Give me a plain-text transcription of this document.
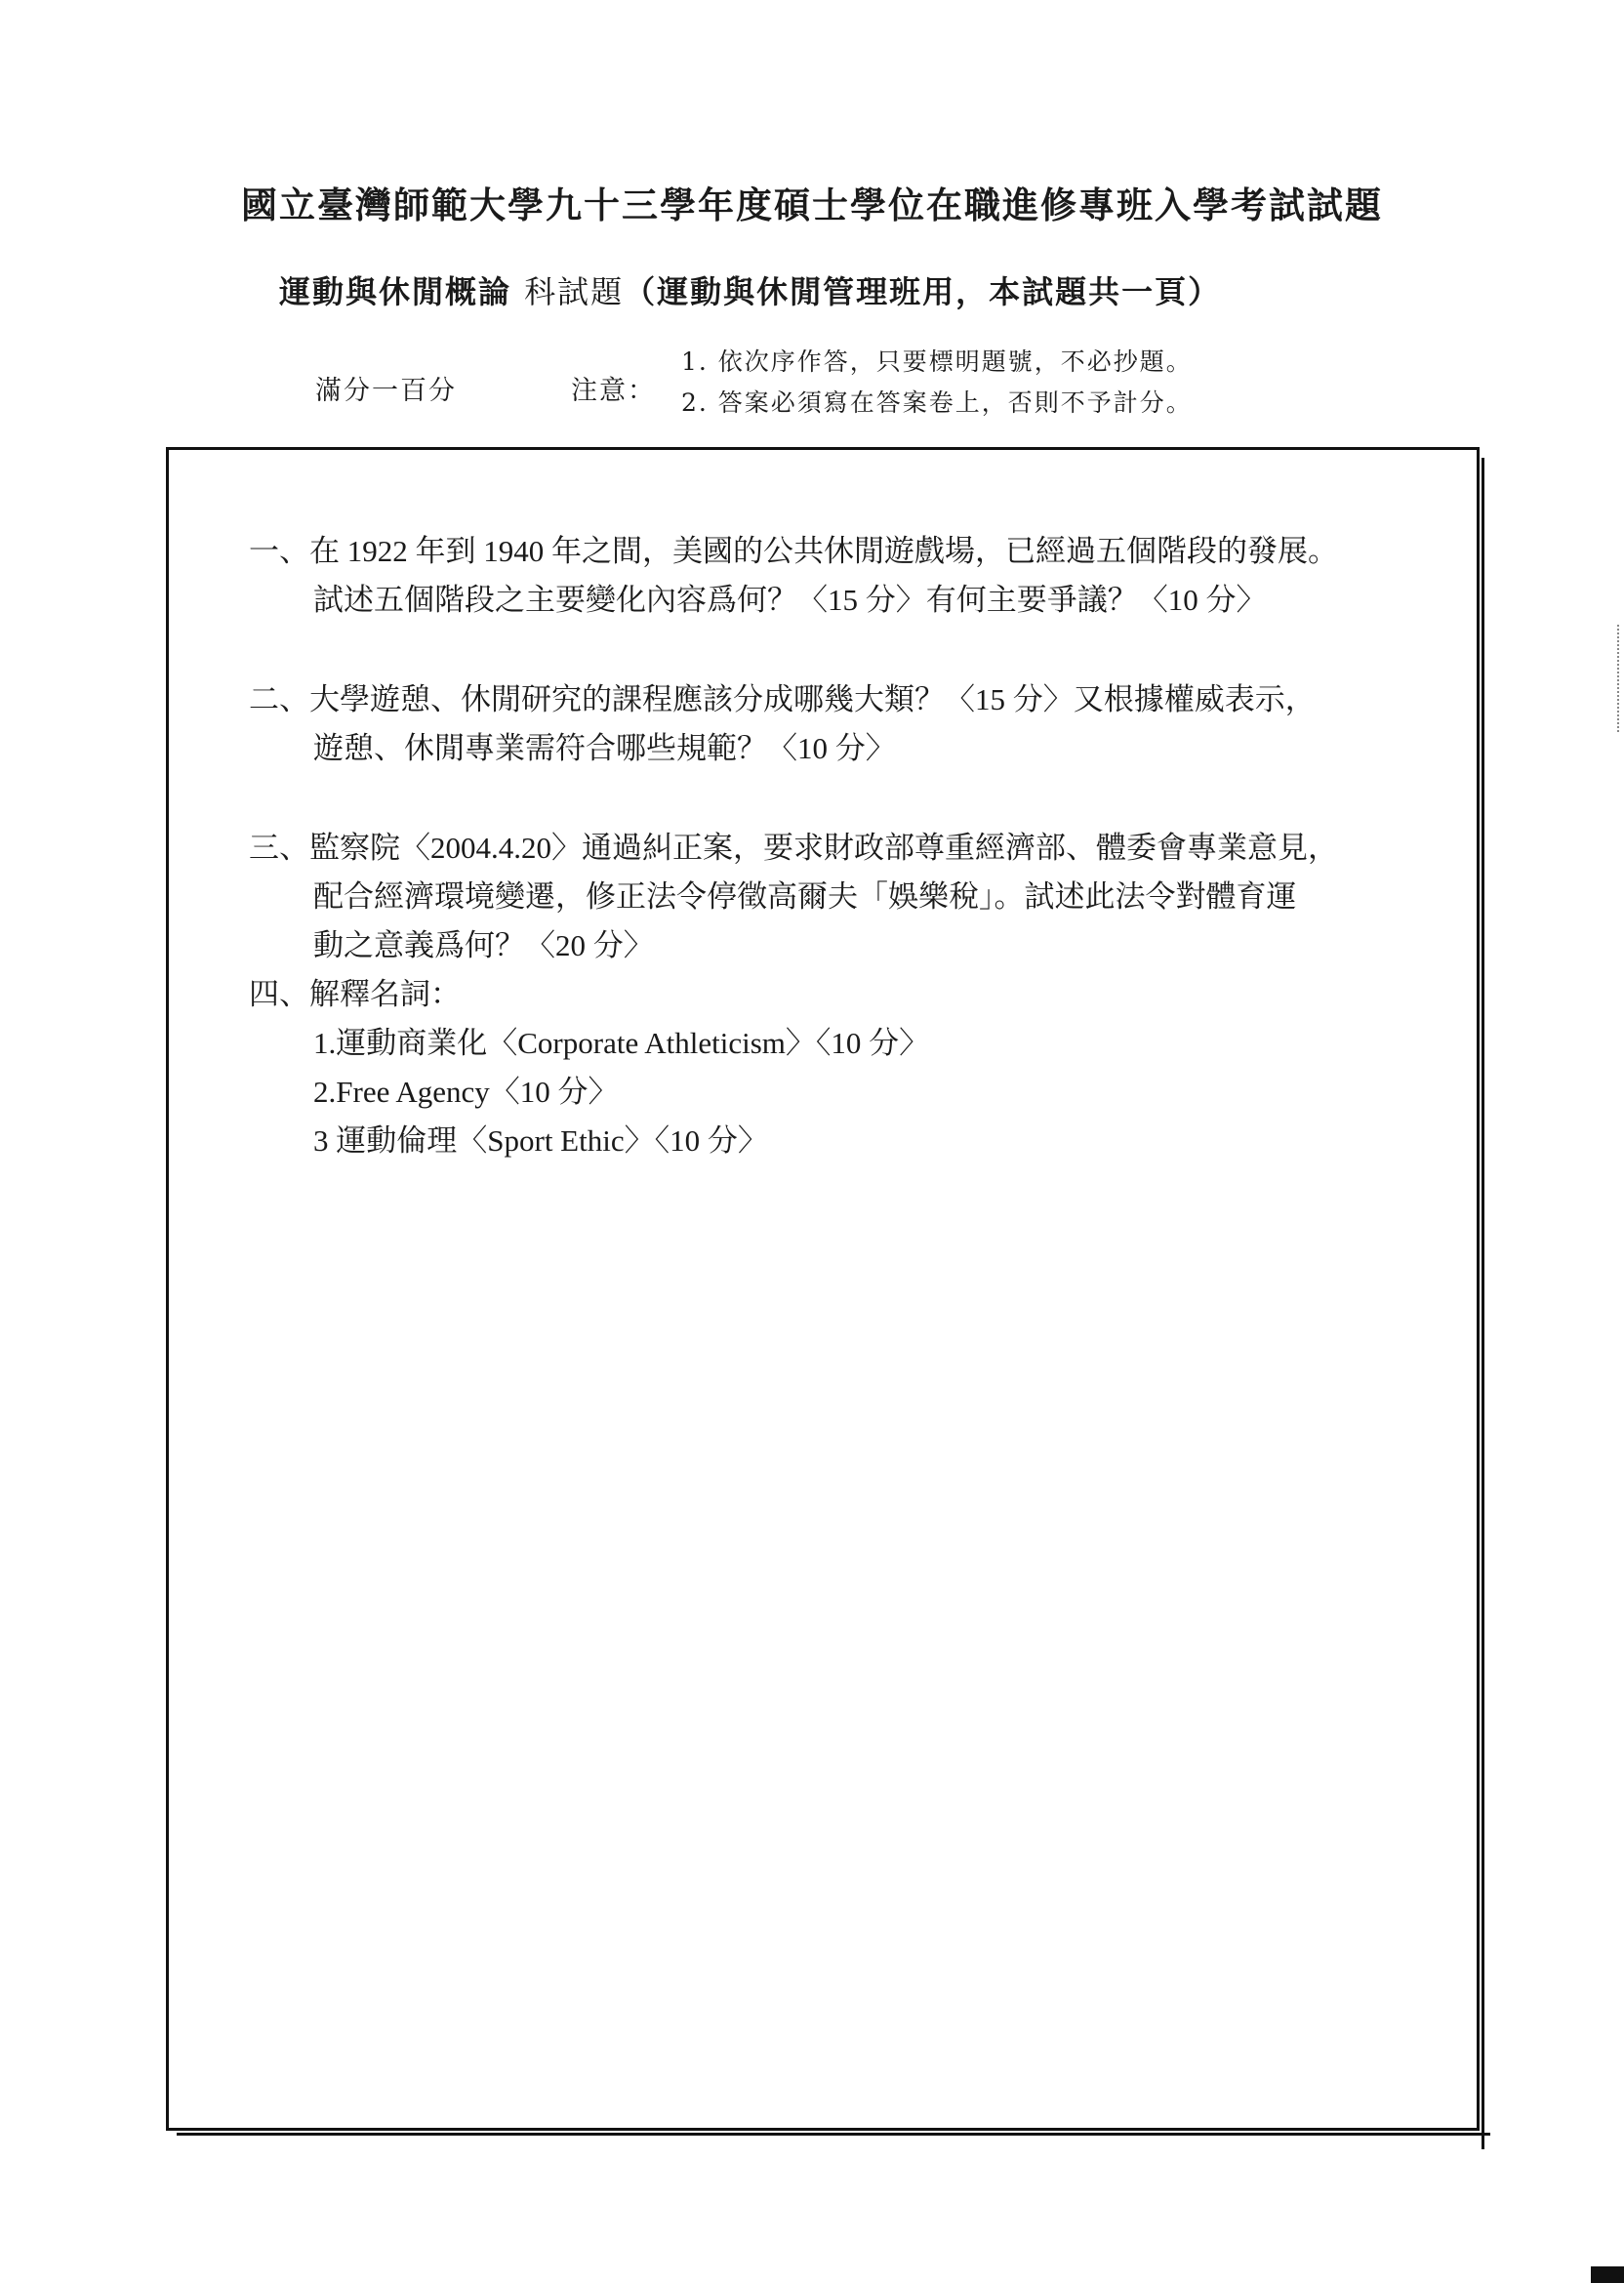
國立臺灣師範大學九十三學年度碩士學位在職進修專班入學考試試題
運動與休閒概論 科試題（運動與休閒管理班用，本試題共一頁）
滿分一百分	注意：
1. 依次序作答，只要標明題號，不必抄題。
2. 答案必須寫在答案卷上，否則不予計分。
一、在 1922 年到 1940 年之間，美國的公共休閒遊戲場，已經過五個階段的發展。
試述五個階段之主要變化內容爲何？〈15 分〉有何主要爭議？〈10 分〉
二、大學遊憩、休閒研究的課程應該分成哪幾大類？〈15 分〉又根據權威表示，
遊憩、休閒專業需符合哪些規範？〈10 分〉
三、監察院〈2004.4.20〉通過糾正案，要求財政部尊重經濟部、體委會專業意見，
配合經濟環境變遷，修正法令停徵高爾夫「娛樂稅」。試述此法令對體育運
動之意義爲何？〈20 分〉
四、解釋名詞：
1.運動商業化〈Corporate Athleticism〉〈10 分〉
2.Free Agency〈10 分〉
3 運動倫理〈Sport Ethic〉〈10 分〉
